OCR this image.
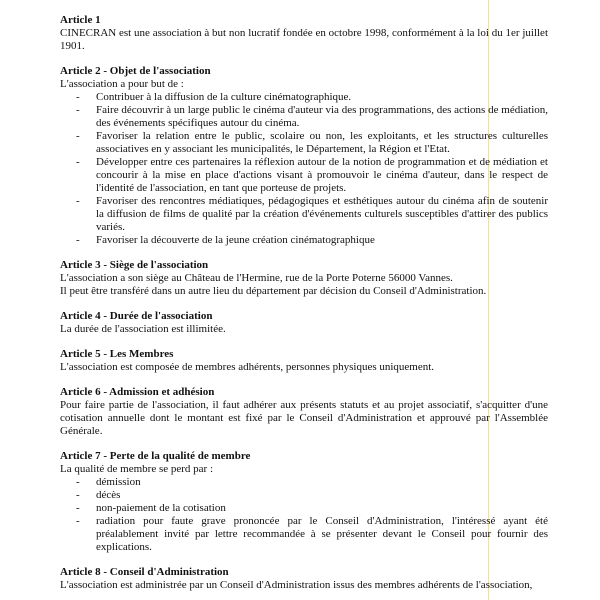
Article 1
CINECRAN est une association à but non lucratif fondée en octobre 1998, conformément à la loi du 1er juillet 1901.
Article 2 - Objet de l'association
L'association a pour but de :
-	Contribuer à la diffusion de la culture cinématographique.
-	Faire découvrir à un large public le cinéma d'auteur via des programmations, des actions de médiation, des événements spécifiques autour du cinéma.
-	Favoriser la relation entre le public, scolaire ou non, les exploitants, et les structures culturelles associatives en y associant les municipalités, le Département, la Région et l'Etat.
-	Développer entre ces partenaires la réflexion autour de la notion de programmation et de médiation et concourir à la mise en place d'actions visant à promouvoir le cinéma d'auteur, dans le respect de l'identité de l'association, en tant que porteuse de projets.
-	Favoriser des rencontres médiatiques, pédagogiques et esthétiques autour du cinéma afin de soutenir la diffusion de films de qualité par la création d'événements culturels susceptibles d'attirer des publics variés.
-	Favoriser la découverte de la jeune création cinématographique
Article 3 - Siège de l'association
L'association a son siège au Château de l'Hermine, rue de la Porte Poterne 56000 Vannes.
Il peut être transféré dans un autre lieu du département par décision du Conseil d'Administration.
Article 4 - Durée de l'association
La durée de l'association est illimitée.
Article 5 - Les Membres
L'association est composée de membres adhérents, personnes physiques uniquement.
Article 6 - Admission et adhésion
Pour faire partie de l'association, il faut adhérer aux présents statuts et au projet associatif, s'acquitter d'une cotisation annuelle dont le montant est fixé par le Conseil d'Administration et approuvé par l'Assemblée Générale.
Article 7 - Perte de la qualité de membre
La qualité de membre se perd par :
-	démission
-	décès
-	non-paiement de la cotisation
-	radiation pour faute grave prononcée par le Conseil d'Administration, l'intéressé ayant été préalablement invité par lettre recommandée à se présenter devant le Conseil pour fournir des explications.
Article 8 - Conseil d'Administration
L'association est administrée par un Conseil d'Administration issus des membres adhérents de l'association,
